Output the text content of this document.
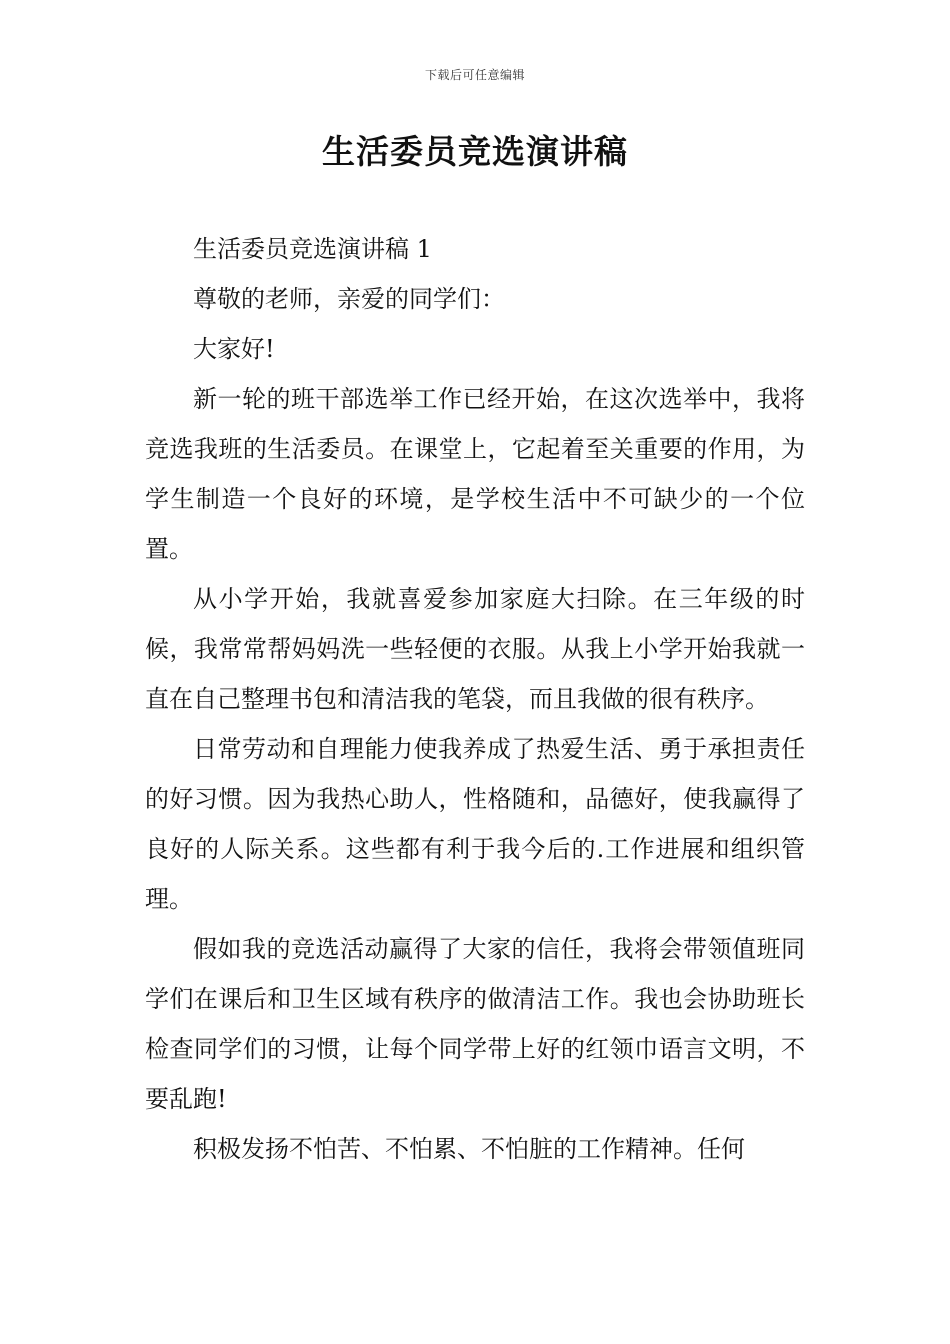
下载后可任意编辑
生活委员竞选演讲稿

生活委员竞选演讲稿 1

尊敬的老师，亲爱的同学们：

大家好!

新一轮的班干部选举工作已经开始，在这次选举中，我将竞选我班的生活委员。在课堂上，它起着至关重要的作用，为学生制造一个良好的环境，是学校生活中不可缺少的一个位置。

从小学开始，我就喜爱参加家庭大扫除。在三年级的时候，我常常帮妈妈洗一些轻便的衣服。从我上小学开始我就一直在自己整理书包和清洁我的笔袋，而且我做的很有秩序。

日常劳动和自理能力使我养成了热爱生活、勇于承担责任的好习惯。因为我热心助人，性格随和，品德好，使我赢得了良好的人际关系。这些都有利于我今后的.工作进展和组织管理。

假如我的竞选活动赢得了大家的信任，我将会带领值班同学们在课后和卫生区域有秩序的做清洁工作。我也会协助班长检查同学们的习惯，让每个同学带上好的红领巾语言文明，不要乱跑!

积极发扬不怕苦、不怕累、不怕脏的工作精神。任何
